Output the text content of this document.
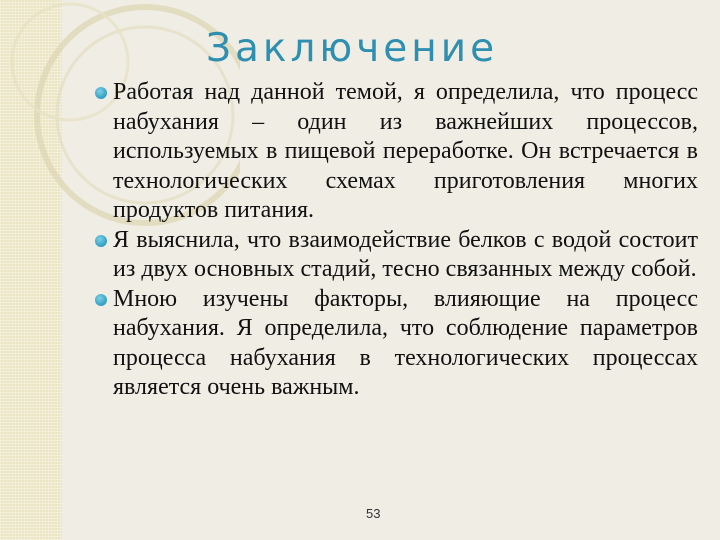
Заключение
Работая над данной темой, я определила, что процесс набухания – один из важнейших процессов, используемых в пищевой переработке. Он встречается в технологических схемах приготовления многих продуктов питания.
Я выяснила, что взаимодействие белков с водой состоит из двух основных стадий, тесно связанных между собой.
Мною изучены факторы, влияющие на процесс набухания. Я определила, что соблюдение параметров процесса набухания в технологических процессах является очень важным.
53
